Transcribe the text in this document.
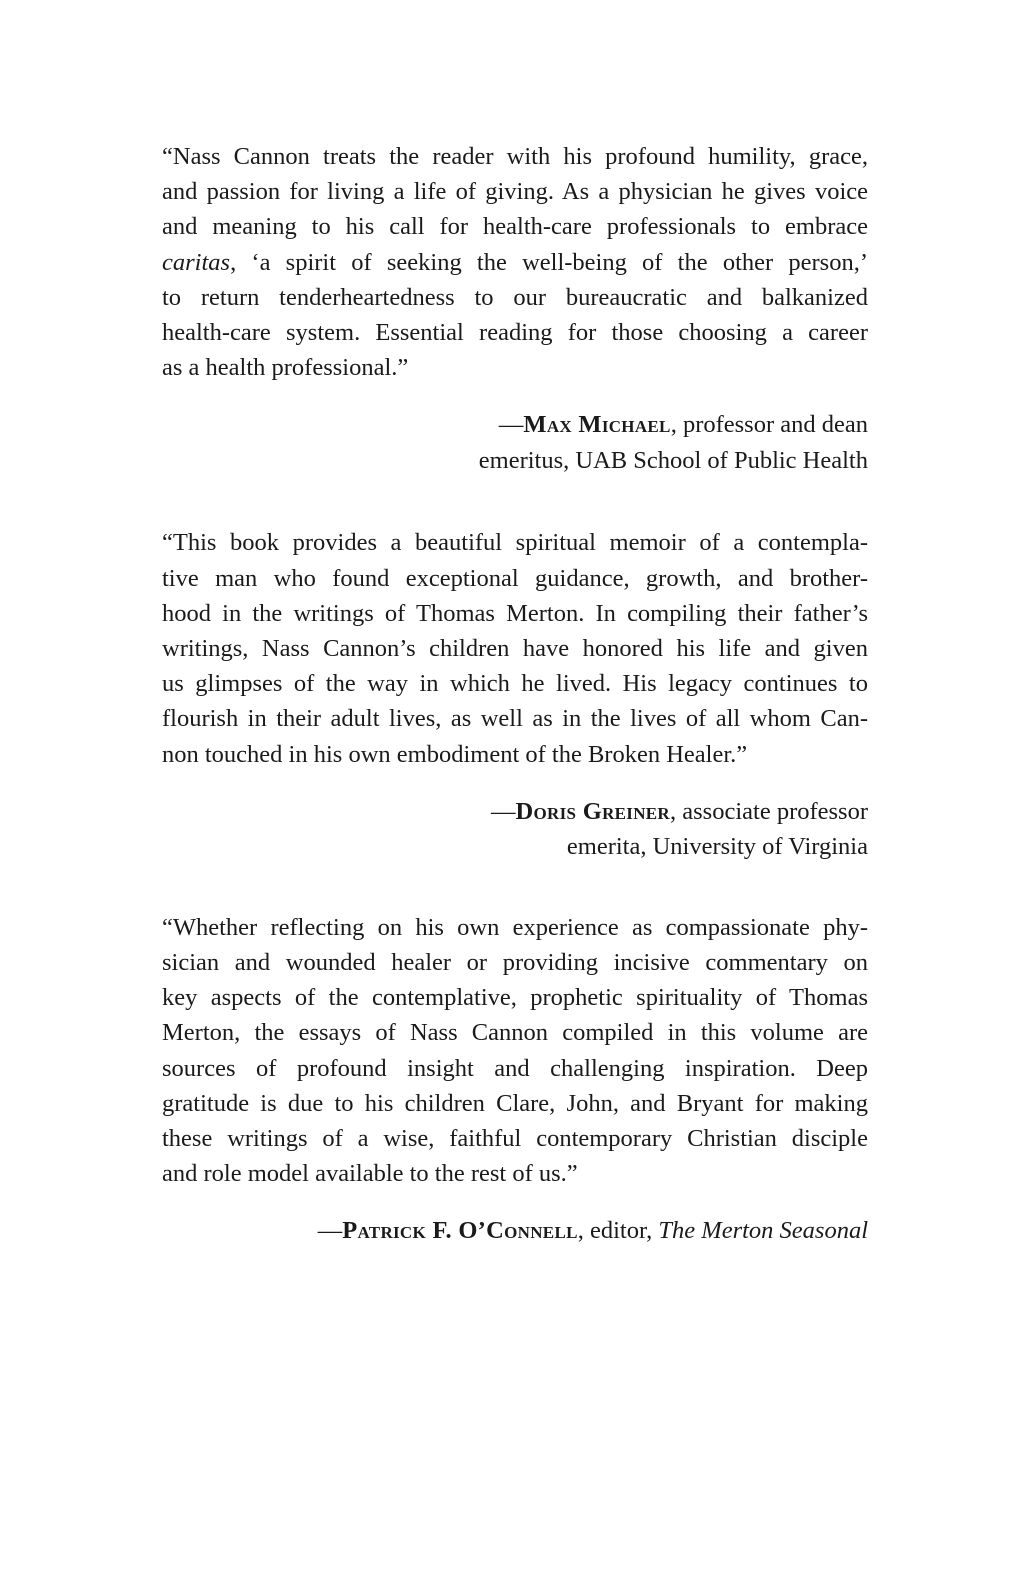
“Nass Cannon treats the reader with his profound humility, grace,
and passion for living a life of giving. As a physician he gives voice
and meaning to his call for health-care professionals to embrace
caritas, ‘a spirit of seeking the well-being of the other person,’
to return tenderheartedness to our bureaucratic and balkanized
health-care system. Essential reading for those choosing a career
as a health professional.”
—Max Michael, professor and dean
emeritus, UAB School of Public Health
“This book provides a beautiful spiritual memoir of a contempla-
tive man who found exceptional guidance, growth, and brother-
hood in the writings of Thomas Merton. In compiling their father’s
writings, Nass Cannon’s children have honored his life and given
us glimpses of the way in which he lived. His legacy continues to
flourish in their adult lives, as well as in the lives of all whom Can-
non touched in his own embodiment of the Broken Healer.”
—Doris Greiner, associate professor
emerita, University of Virginia
“Whether reflecting on his own experience as compassionate phy-
sician and wounded healer or providing incisive commentary on
key aspects of the contemplative, prophetic spirituality of Thomas
Merton, the essays of Nass Cannon compiled in this volume are
sources of profound insight and challenging inspiration. Deep
gratitude is due to his children Clare, John, and Bryant for making
these writings of a wise, faithful contemporary Christian disciple
and role model available to the rest of us.”
—Patrick F. O’Connell, editor, The Merton Seasonal
